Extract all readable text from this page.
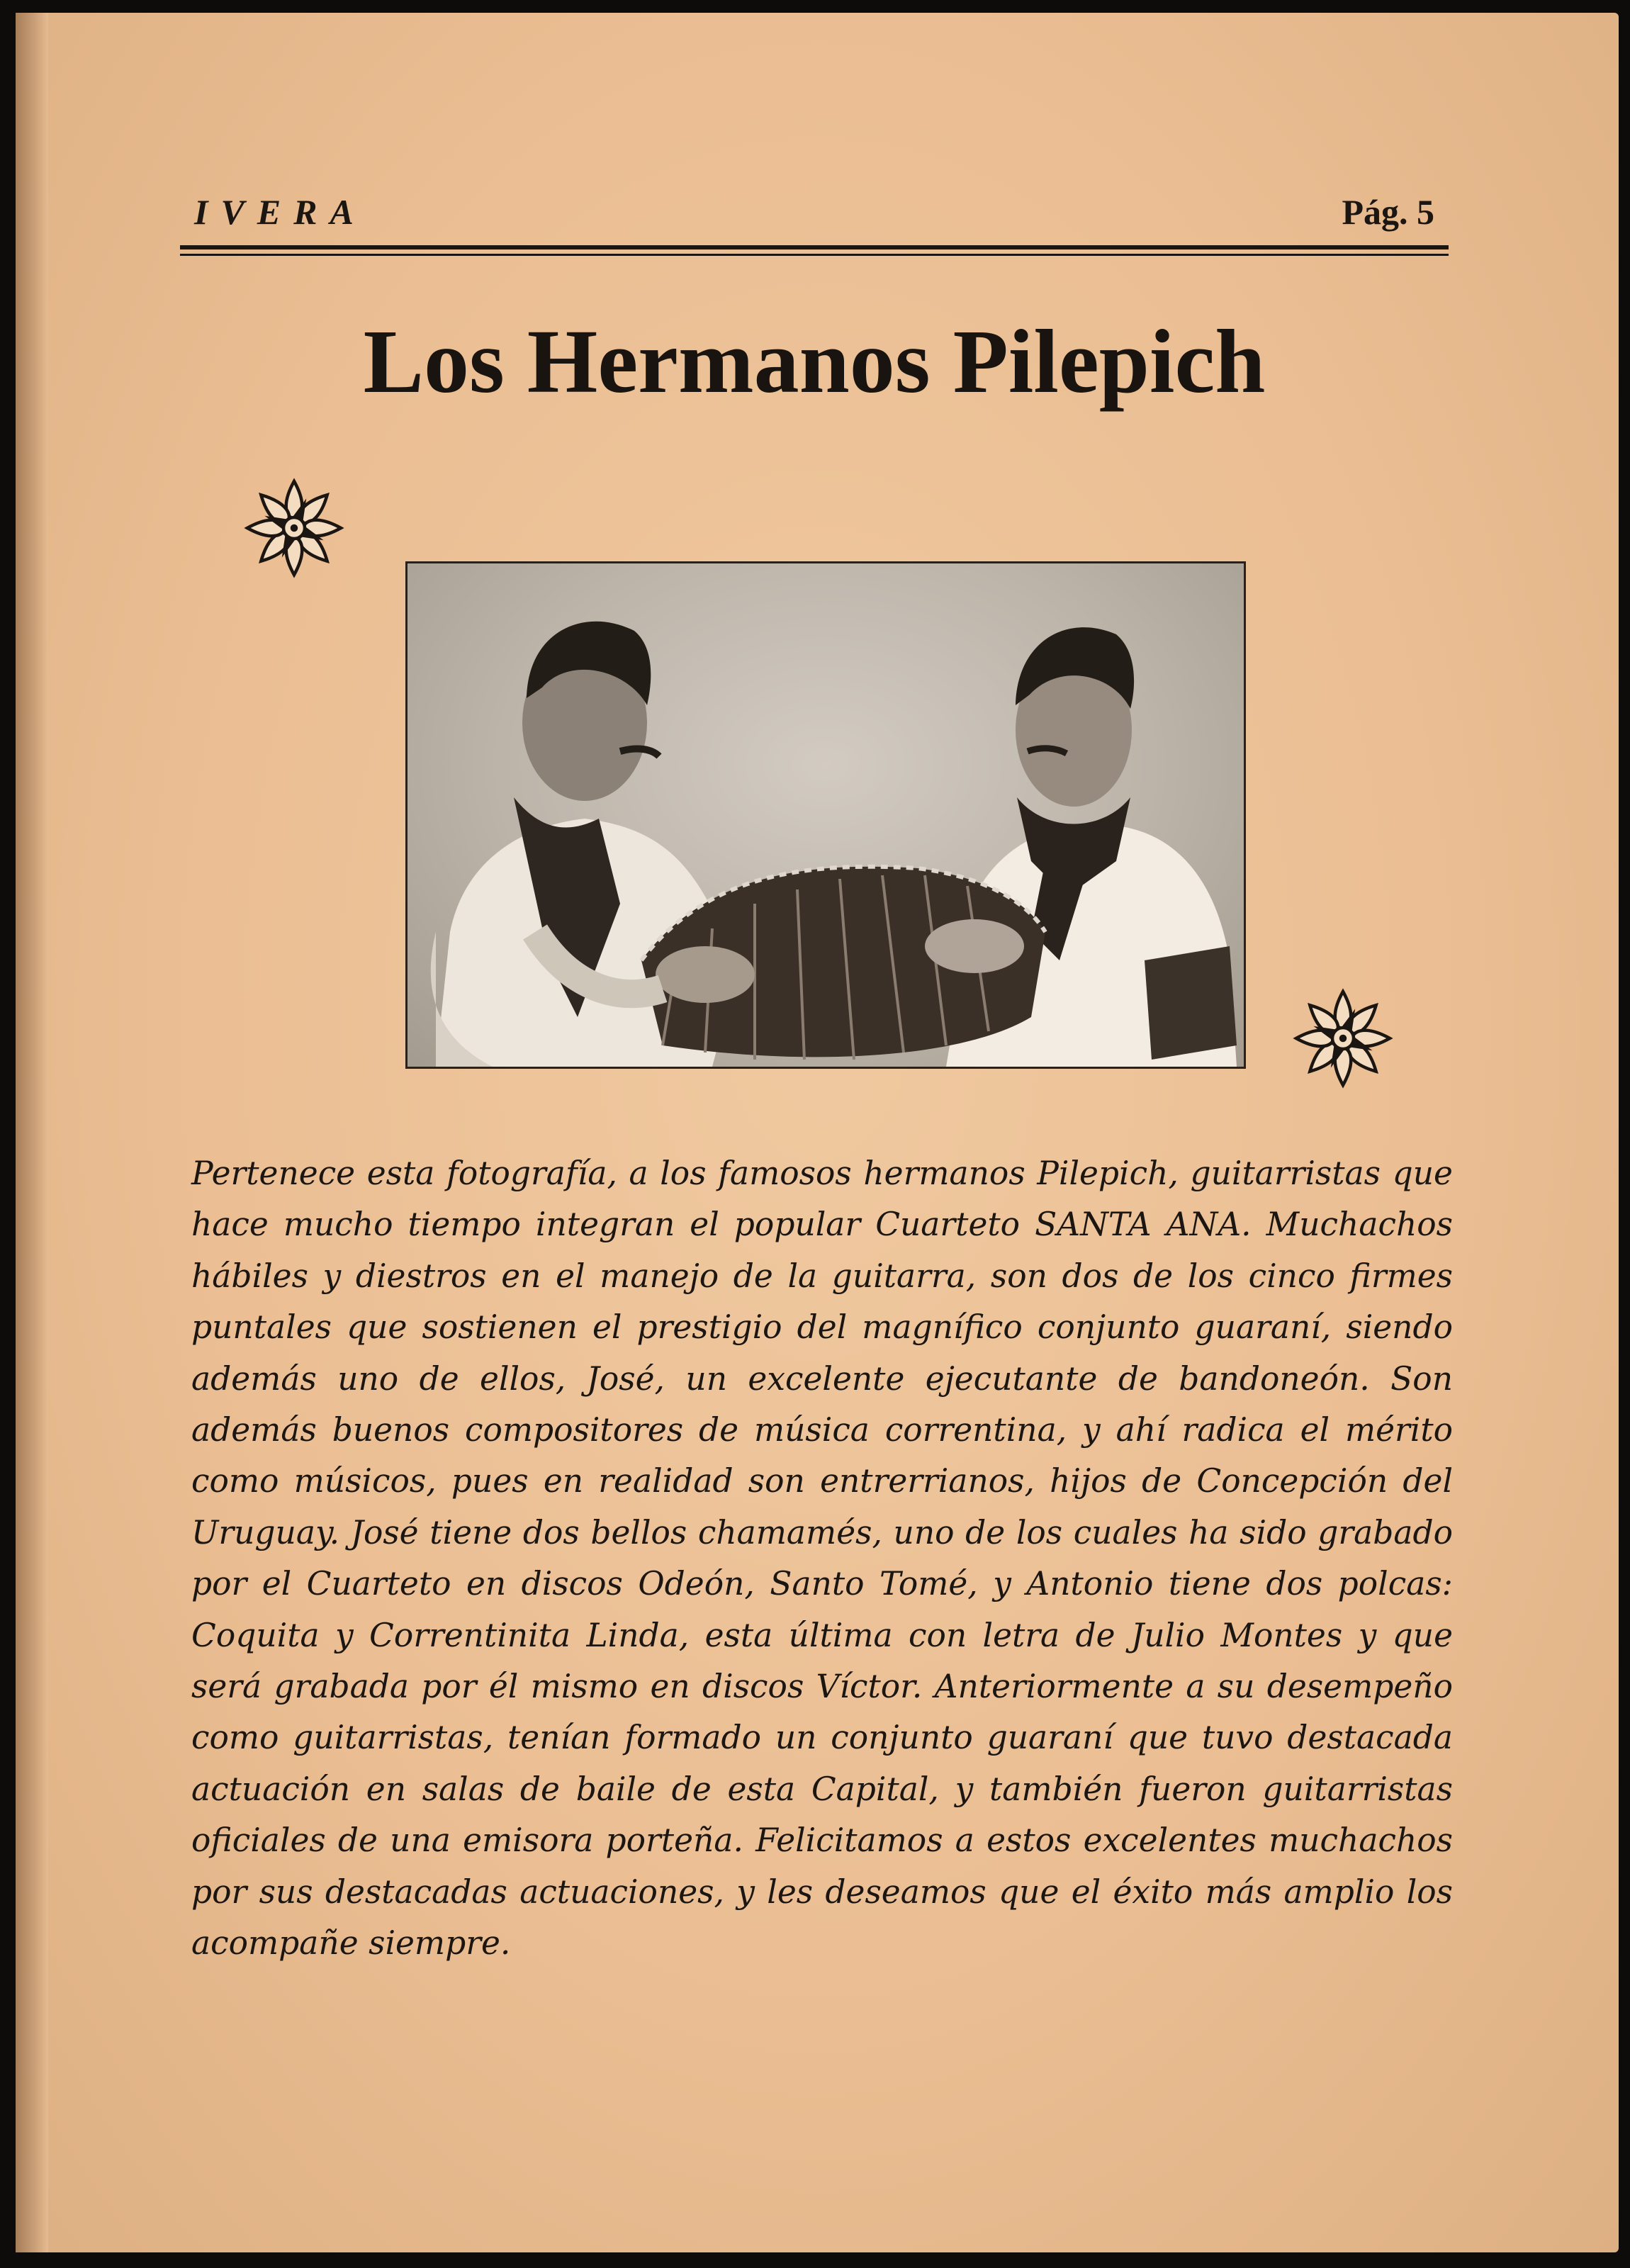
IVERA	Pág. 5
Los Hermanos Pilepich

Pertenece esta fotografía, a los famosos hermanos Pilepich, guitarristas que hace mucho tiempo integran el popular Cuarteto SANTA ANA. Muchachos hábiles y diestros en el manejo de la guitarra, son dos de los cinco firmes puntales que sostienen el prestigio del magnífico conjunto guaraní, siendo además uno de ellos, José, un excelente ejecutante de bandoneón. Son además buenos compositores de música correntina, y ahí radica el mérito como músicos, pues en realidad son entrerrianos, hijos de Concepción del Uruguay. José tiene dos bellos chamamés, uno de los cuales ha sido grabado por el Cuarteto en discos Odeón, Santo Tomé, y Antonio tiene dos polcas: Coquita y Correntinita Linda, esta última con letra de Julio Montes y que será grabada por él mismo en discos Víctor. Anteriormente a su desempeño como guitarristas, tenían formado un conjunto guaraní que tuvo destacada actuación en salas de baile de esta Capital, y también fueron guitarristas oficiales de una emisora porteña. Felicitamos a estos excelentes muchachos por sus destacadas actuaciones, y les deseamos que el éxito más amplio los acompañe siempre.
